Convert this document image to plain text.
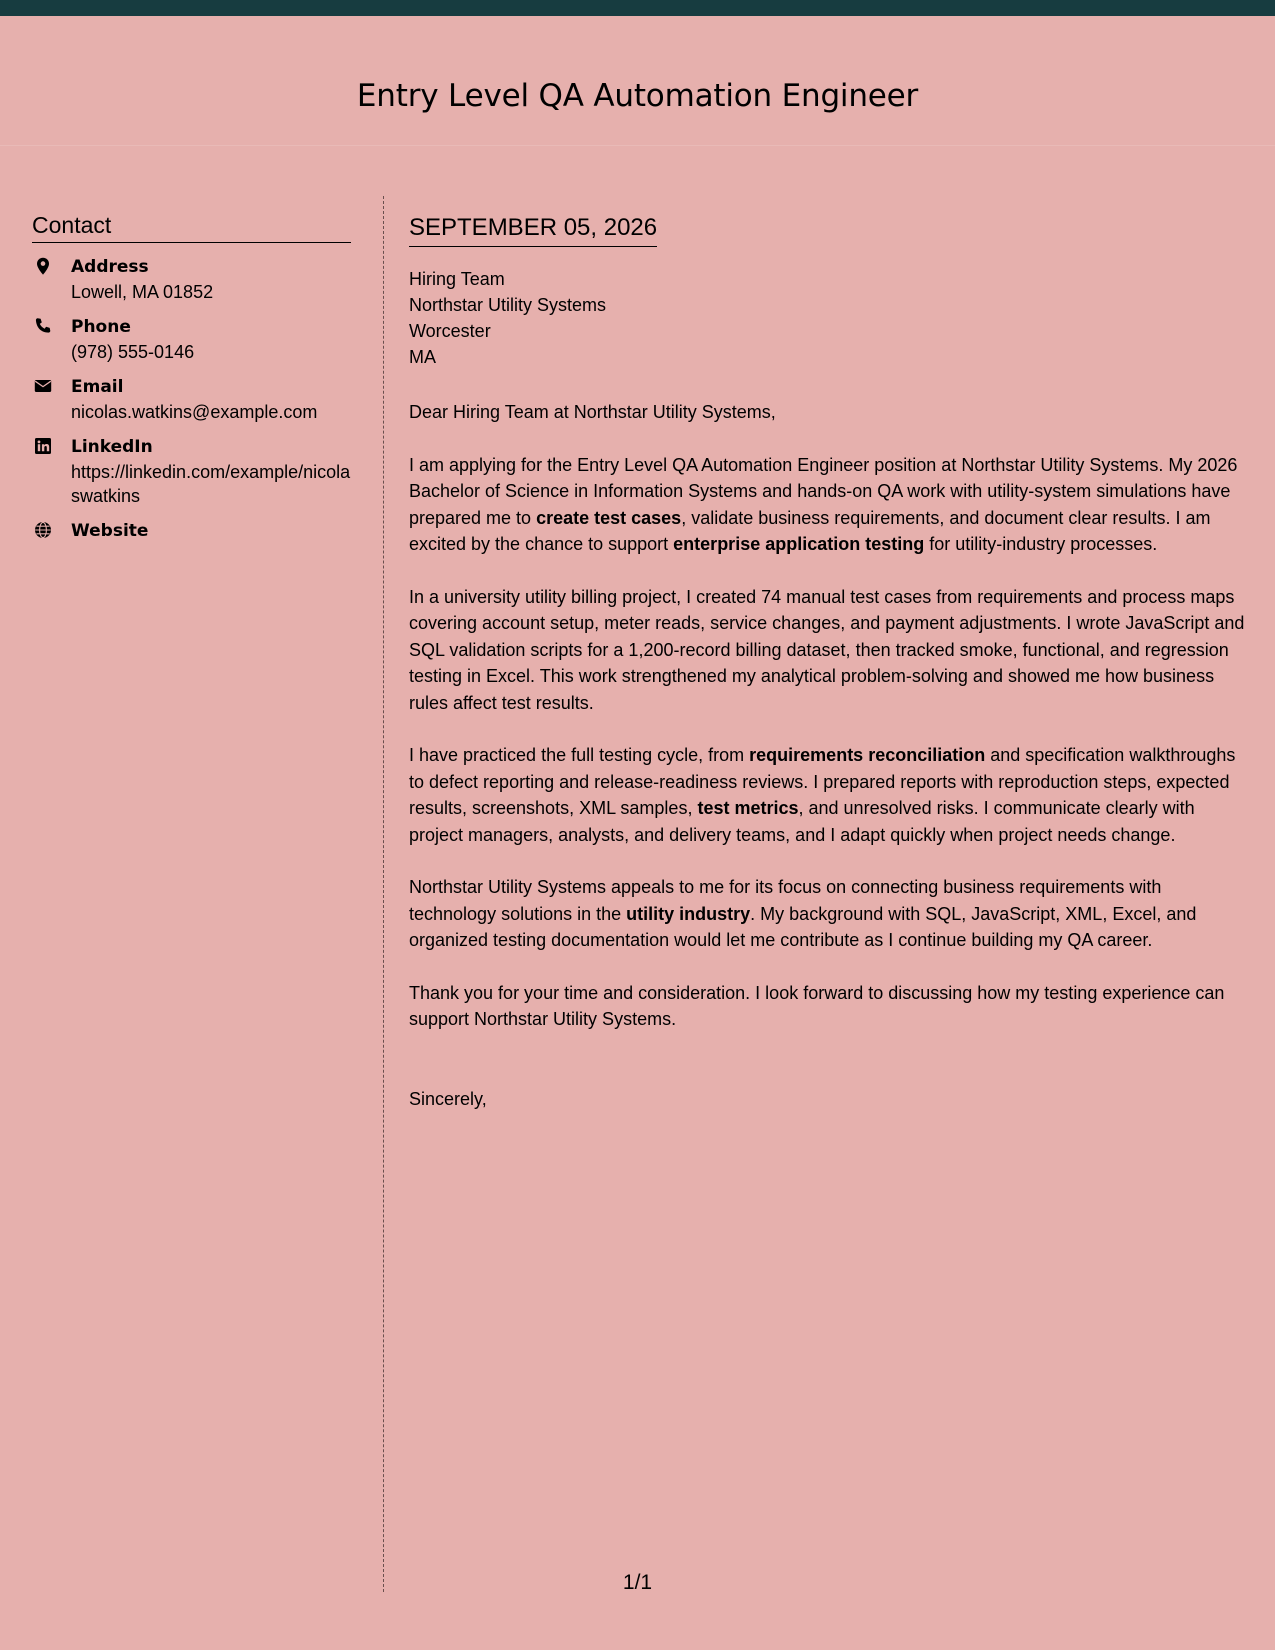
Entry Level QA Automation Engineer
Contact
Address
Lowell, MA 01852
Phone
(978) 555-0146
Email
nicolas.watkins@example.com
LinkedIn
https://linkedin.com/example/nicolaswatkins
Website
SEPTEMBER 05, 2026
Hiring Team
Northstar Utility Systems
Worcester
MA

Dear Hiring Team at Northstar Utility Systems,

I am applying for the Entry Level QA Automation Engineer position at Northstar Utility Systems. My 2026 Bachelor of Science in Information Systems and hands-on QA work with utility-system simulations have prepared me to create test cases, validate business requirements, and document clear results. I am excited by the chance to support enterprise application testing for utility-industry processes.

In a university utility billing project, I created 74 manual test cases from requirements and process maps covering account setup, meter reads, service changes, and payment adjustments. I wrote JavaScript and SQL validation scripts for a 1,200-record billing dataset, then tracked smoke, functional, and regression testing in Excel. This work strengthened my analytical problem-solving and showed me how business rules affect test results.

I have practiced the full testing cycle, from requirements reconciliation and specification walkthroughs to defect reporting and release-readiness reviews. I prepared reports with reproduction steps, expected results, screenshots, XML samples, test metrics, and unresolved risks. I communicate clearly with project managers, analysts, and delivery teams, and I adapt quickly when project needs change.

Northstar Utility Systems appeals to me for its focus on connecting business requirements with technology solutions in the utility industry. My background with SQL, JavaScript, XML, Excel, and organized testing documentation would let me contribute as I continue building my QA career.

Thank you for your time and consideration. I look forward to discussing how my testing experience can support Northstar Utility Systems.

Sincerely,

1/1
